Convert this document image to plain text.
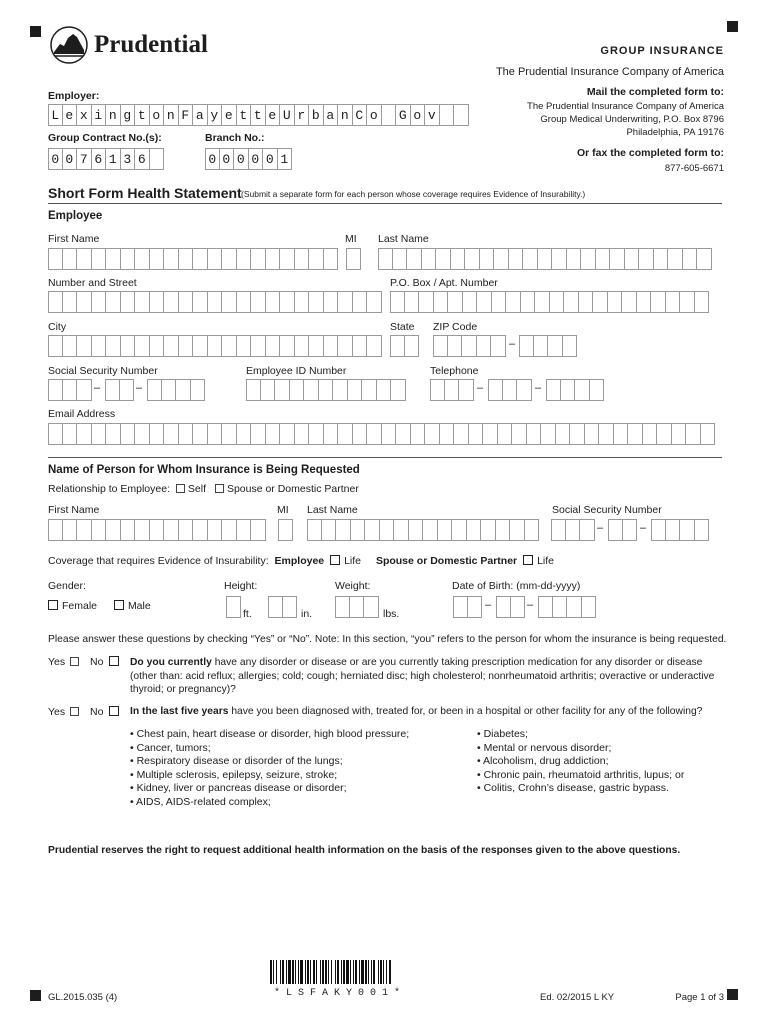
Prudential	GROUP INSURANCE
The Prudential Insurance Company of America
Mail the completed form to:
The Prudential Insurance Company of America
Group Medical Underwriting, P.O. Box 8796
Philadelphia, PA 19176
Or fax the completed form to:
877-605-6671
Employer:
L e x i n g t o n F a y e t t e U r b a n C o G o v
Group Contract No.(s):
0 0 7 6 1 3 6
Branch No.:
0 0 0 0 0 1
Short Form Health Statement (Submit a separate form for each person whose coverage requires Evidence of Insurability.)
Employee
First Name	MI Last Name
Number and Street	P.O. Box / Apt. Number
City	State ZIP Code
–
Social Security Number	Employee ID Number	Telephone
–	–	–	–
Email Address
Name of Person for Whom Insurance is Being Requested
Relationship to Employee: Self Spouse or Domestic Partner
First Name	MI Last Name	Social Security Number
–	–
Coverage that requires Evidence of Insurability: Employee Life Spouse or Domestic Partner Life
Gender:
Female	Male
Height:
ft.	in.
Weight:
lbs.
Date of Birth: (mm-dd-yyyy)
–	–
Please answer these questions by checking “Yes” or “No”. Note: In this section, “you” refers to the person for whom the insurance is being requested.
Yes	No	Do you currently have any disorder or disease or are you currently taking prescription medication for any disorder or disease
(other than: acid reflux; allergies; cold; cough; herniated disc; high cholesterol; nonrheumatoid arthritis; overactive or underactive
thyroid; or pregnancy)?
Yes	No	In the last five years have you been diagnosed with, treated for, or been in a hospital or other facility for any of the following?
• Chest pain, heart disease or disorder, high blood pressure;
• Cancer, tumors;
• Respiratory disease or disorder of the lungs;
• Multiple sclerosis, epilepsy, seizure, stroke;
• Kidney, liver or pancreas disease or disorder;
• AIDS, AIDS-related complex;
• Diabetes;
• Mental or nervous disorder;
• Alcoholism, drug addiction;
• Chronic pain, rheumatoid arthritis, lupus; or
• Colitis, Crohn’s disease, gastric bypass.
Prudential reserves the right to request additional health information on the basis of the responses given to the above questions.
* L S F A K Y 0 0 1 *
GL.2015.035 (4)	Ed. 02/2015 L KY	Page 1 of 3
